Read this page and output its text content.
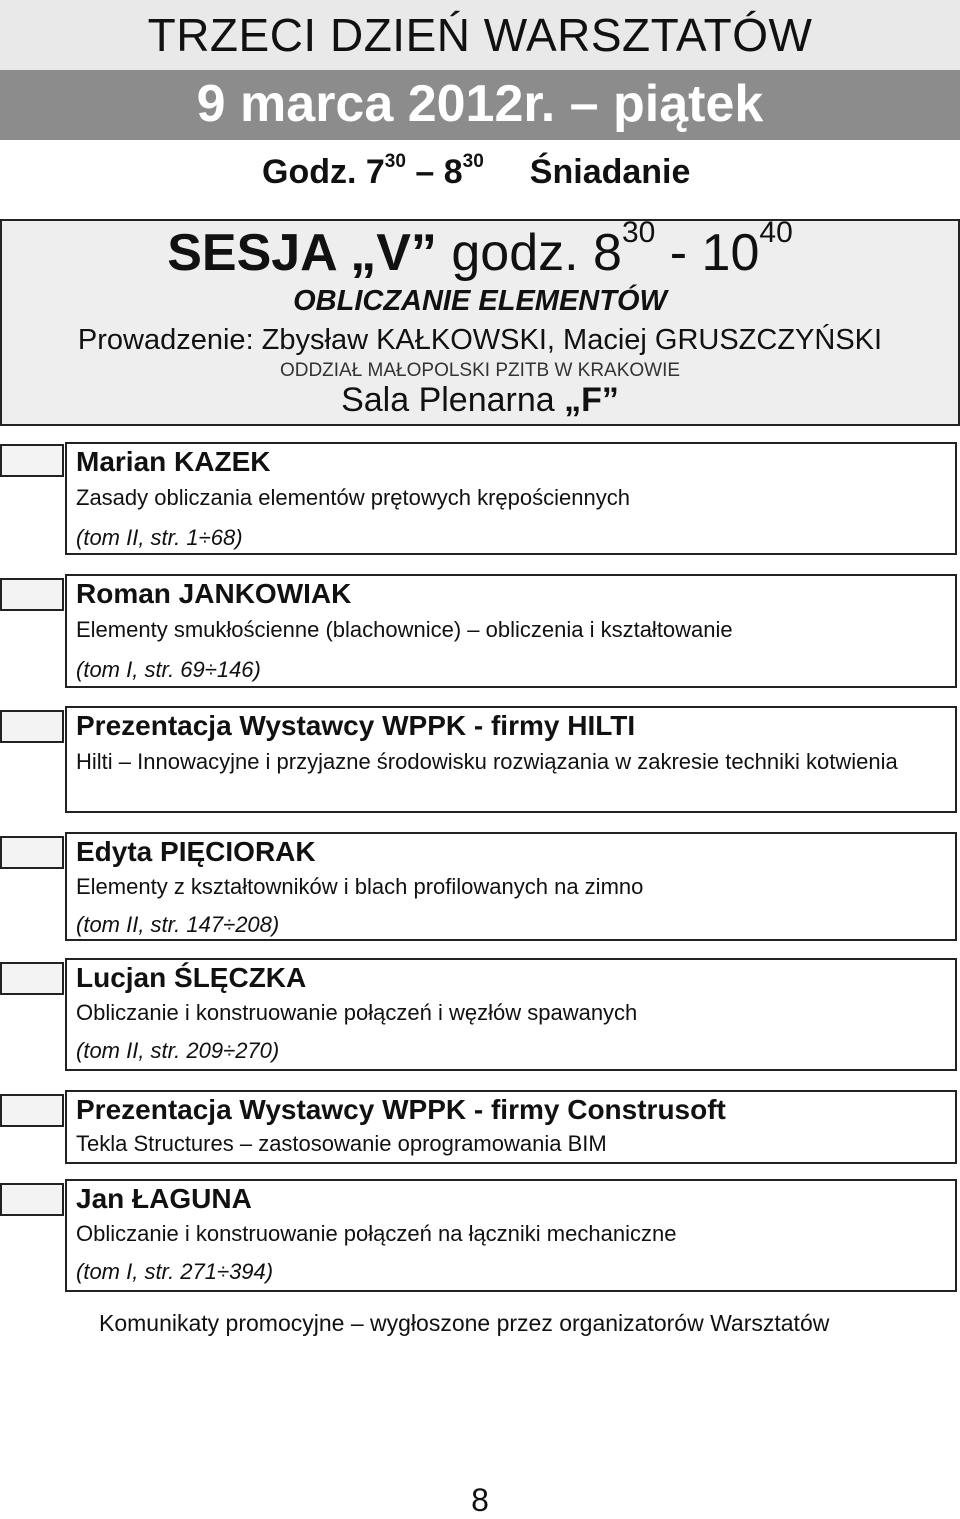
TRZECI DZIEŃ WARSZTATÓW
9 marca 2012r. – piątek
Godz. $7^{30} - 8^{30}$ Śniadanie
SESJA „V” godz. $8^{30} - 10^{40}$
OBLICZANIE ELEMENTÓW
Prowadzenie: Zbysław KAŁKOWSKI, Maciej GRUSZCZYŃSKI
ODDZIAŁ MAŁOPOLSKI PZITB W KRAKOWIE
Sala Plenarna „F”
Marian KAZEK
Zasady obliczania elementów prętowych krępościennych
(tom II, str. 1÷68)
Roman JANKOWIAK
Elementy smukłościenne (blachownice) – obliczenia i kształtowanie
(tom I, str. 69÷146)
Prezentacja Wystawcy WPPK - firmy HILTI
Hilti – Innowacyjne i przyjazne środowisku rozwiązania w zakresie techniki kotwienia
Edyta PIĘCIORAK
Elementy z kształtowników i blach profilowanych na zimno
(tom II, str. 147÷208)
Lucjan ŚLĘCZKA
Obliczanie i konstruowanie połączeń i węzłów spawanych
(tom II, str. 209÷270)
Prezentacja Wystawcy WPPK - firmy Construsoft
Tekla Structures – zastosowanie oprogramowania BIM
Jan ŁAGUNA
Obliczanie i konstruowanie połączeń na łączniki mechaniczne
(tom I, str. 271÷394)
Komunikaty promocyjne – wygłoszone przez organizatorów Warsztatów
8
